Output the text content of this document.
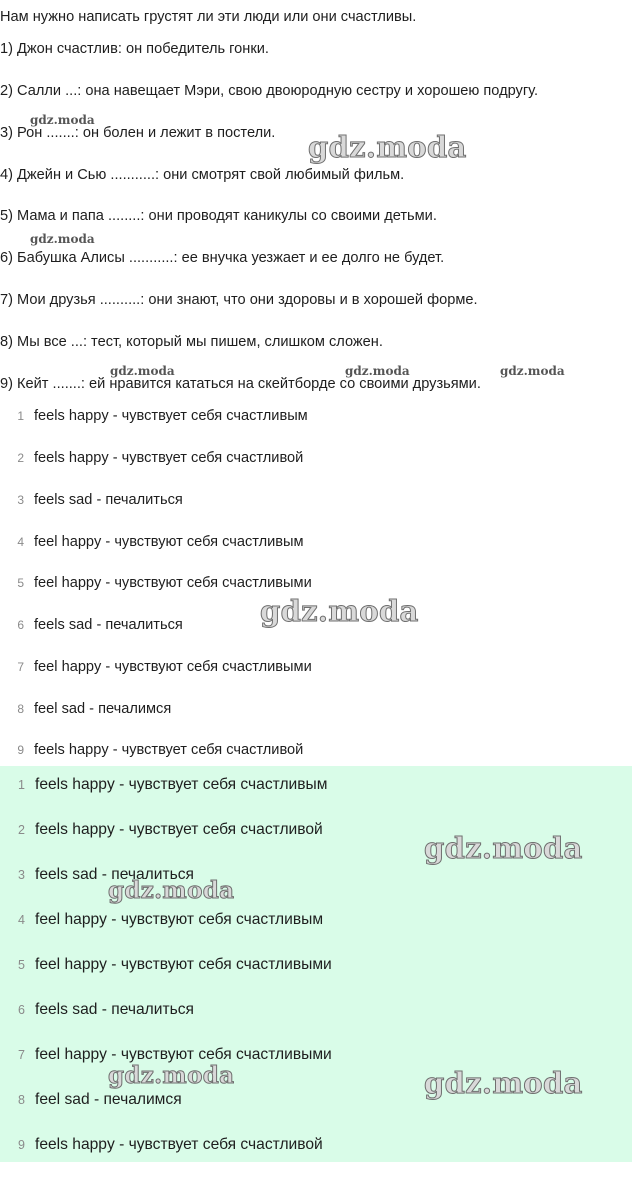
Нам нужно написать грустят ли эти люди или они счастливы.
1) Джон счастлив: он победитель гонки.
2) Салли ...: она навещает Мэри, свою двоюродную сестру и хорошею подругу.
3) Рон .......: он болен и лежит в постели.
4) Джейн и Сью ...........: они смотрят свой любимый фильм.
5) Мама и папа ........: они проводят каникулы со своими детьми.
6) Бабушка Алисы ...........: ее внучка уезжает и ее долго не будет.
7) Мои друзья ..........: они знают, что они здоровы и в хорошей форме.
8) Мы все ...: тест, который мы пишем, слишком сложен.
9) Кейт .......: ей нравится кататься на скейтборде со своими друзьями.
1 feels happy - чувствует себя счастливым
2 feels happy - чувствует себя счастливой
3 feels sad - печалиться
4 feel happy - чувствуют себя счастливым
5 feel happy - чувствуют себя счастливыми
6 feels sad - печалиться
7 feel happy - чувствуют себя счастливыми
8 feel sad - печалимся
9 feels happy - чувствует себя счастливой
1 feels happy - чувствует себя счастливым
2 feels happy - чувствует себя счастливой
3 feels sad - печалиться
4 feel happy - чувствуют себя счастливым
5 feel happy - чувствуют себя счастливыми
6 feels sad - печалиться
7 feel happy - чувствуют себя счастливыми
8 feel sad - печалимся
9 feels happy - чувствует себя счастливой
gdz.moda
gdz.moda
gdz.moda
gdz.moda	gdz.moda	gdz.moda
gdz.moda
gdz.moda
gdz.moda
gdz.moda	gdz.moda
